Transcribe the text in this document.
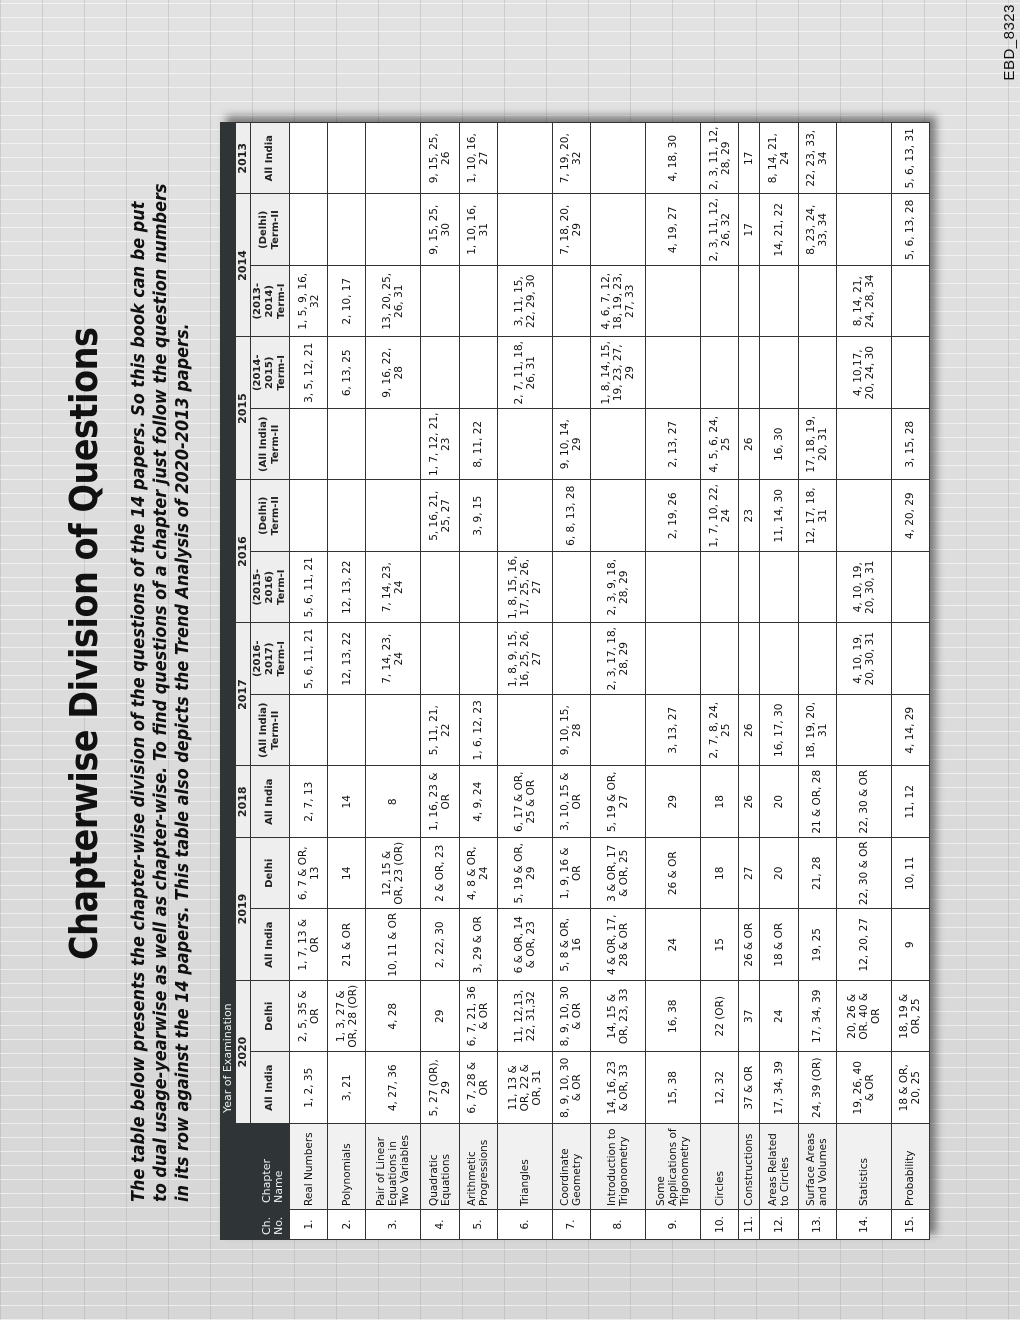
EBD_8323
Chapterwise Division of Questions The table below presents the chapter-wise division of the questions of the 14 papers. So this book can be put to dual usage-yearwise as well as chapter-wise. To find questions of a chapter just follow the question numbers in its row against the 14 papers. This table also depicts the Trend Analysis of 2020-2013 papers.
Ch. No.	Chapter Name	Year of Examination													
		2020		2019		2018	2017		2016		2015		2014		2013
		All India	Delhi	All India	Delhi	All India	(All India) Term-II	(2016-2017) Term-I	(2015-2016) Term-I	(Delhi) Term-II	(All India) Term-II	(2014-2015) Term-I	(2013-2014) Term-I	(Delhi) Term-II	All India
1.	Real Numbers	1, 2, 35	2, 5, 35 & OR	1, 7, 13 & OR	6, 7 & OR, 13	2, 7, 13		5, 6, 11, 21	5, 6, 11, 21			3, 5, 12, 21	1, 5, 9, 16, 32		
2.	Polynomials	3, 21	1, 3, 27 & OR, 28 (OR)	21 & OR	14	14		12, 13, 22	12, 13, 22			6, 13, 25	2, 10, 17		
3.	Pair of Linear Equations in Two Variables	4, 27, 36	4, 28	10, 11 & OR	12, 15 & OR, 23 (OR)	8		7, 14, 23, 24	7, 14, 23, 24			9, 16, 22, 28	13, 20, 25, 26, 31		
4.	Quadratic Equations	5, 27 (OR), 29	29	2, 22, 30	2 & OR, 23	1, 16, 23 & OR	5, 11, 21, 22			5, 16, 21, 25, 27	1, 7, 12, 21, 23			9, 15, 25, 30	9, 15, 25, 26
5.	Arithmetic Progressions	6, 7, 28 & OR	6, 7, 21, 36 & OR	3, 29 & OR	4, 8 & OR, 24	4, 9, 24	1, 6, 12, 23			3, 9, 15	8, 11, 22			1, 10, 16, 31	1, 10, 16, 27
6.	Triangles	11, 13 & OR, 22 & OR, 31	11, 12,13, 22, 31,32	6 & OR, 14 & OR, 23	5, 19 & OR, 29	6, 17 & OR, 25 & OR		1, 8, 9, 15, 16, 25, 26, 27	1, 8, 15, 16, 17, 25, 26, 27			2, 7, 11, 18, 26, 31	3, 11, 15, 22, 29, 30		
7.	Coordinate Geometry	8, 9, 10, 30 & OR	8, 9, 10, 30 & OR	5, 8 & OR, 16	1, 9, 16 & OR	3, 10, 15 & OR	9, 10, 15, 28			6, 8, 13, 28	9, 10, 14, 29			7, 18, 20, 29	7, 19, 20, 32
8.	Introduction to Trigonometry	14, 16, 23 & OR, 33	14, 15 & OR, 23, 33	4 & OR, 17, 28 & OR	3 & OR, 17 & OR, 25	5, 19 & OR, 27		2, 3, 17, 18, 28, 29	2, 3, 9, 18, 28, 29			1, 8, 14, 15, 19, 23, 27, 29	4, 6, 7, 12, 18, 19, 23, 27, 33		
9.	Some Applications of Trigonometry	15, 38	16, 38	24	26 & OR	29	3, 13, 27			2, 19, 26	2, 13, 27			4, 19, 27	4, 18, 30
10.	Circles	12, 32	22 (OR)	15	18	18	2, 7, 8, 24, 25			1, 7, 10, 22, 24	4, 5, 6, 24, 25			2, 3, 11, 12, 26, 32	2, 3, 11, 12, 28, 29
11.	Constructions	37 & OR	37	26 & OR	27	26	26			23	26			17	17
12.	Areas Related to Circles	17, 34, 39	24	18 & OR	20	20	16, 17, 30			11, 14, 30	16, 30			14, 21, 22	8, 14, 21, 24
13.	Surface Areas and Volumes	24, 39 (OR)	17, 34, 39	19, 25	21, 28	21 & OR, 28	18, 19, 20, 31			12, 17, 18, 31	17, 18, 19, 20, 31			8, 23, 24, 33, 34	22, 23, 33, 34
14.	Statistics	19, 26, 40 & OR	20, 26 & OR. 40 & OR	12, 20, 27	22, 30 & OR	22, 30 & OR		4, 10, 19, 20, 30, 31	4, 10, 19, 20, 30, 31			4, 10,17, 20, 24, 30	8, 14, 21, 24, 28, 34		
15.	Probability	18 & OR, 20, 25	18, 19 & OR, 25	9	10, 11	11, 12	4, 14, 29			4, 20, 29	3, 15, 28			5, 6, 13, 28	5, 6, 13, 31
